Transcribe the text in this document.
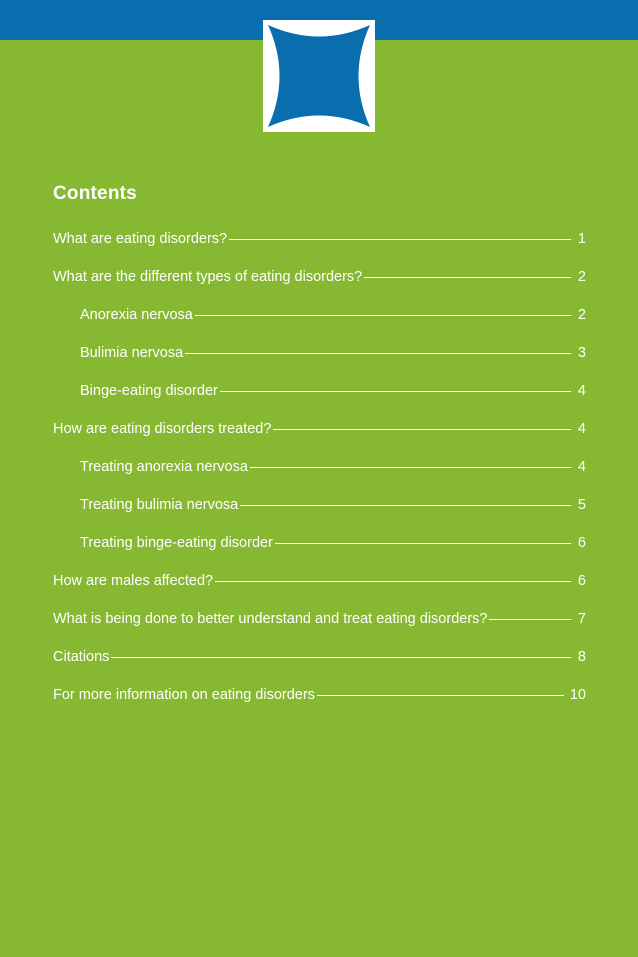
Contents
What are eating disorders?	1
What are the different types of eating disorders?	2
Anorexia nervosa	2
Bulimia nervosa	3
Binge-eating disorder	4
How are eating disorders treated?	4
Treating anorexia nervosa	4
Treating bulimia nervosa	5
Treating binge-eating disorder	6
How are males affected?	6
What is being done to better understand and treat eating disorders?	7
Citations	8
For more information on eating disorders	10
